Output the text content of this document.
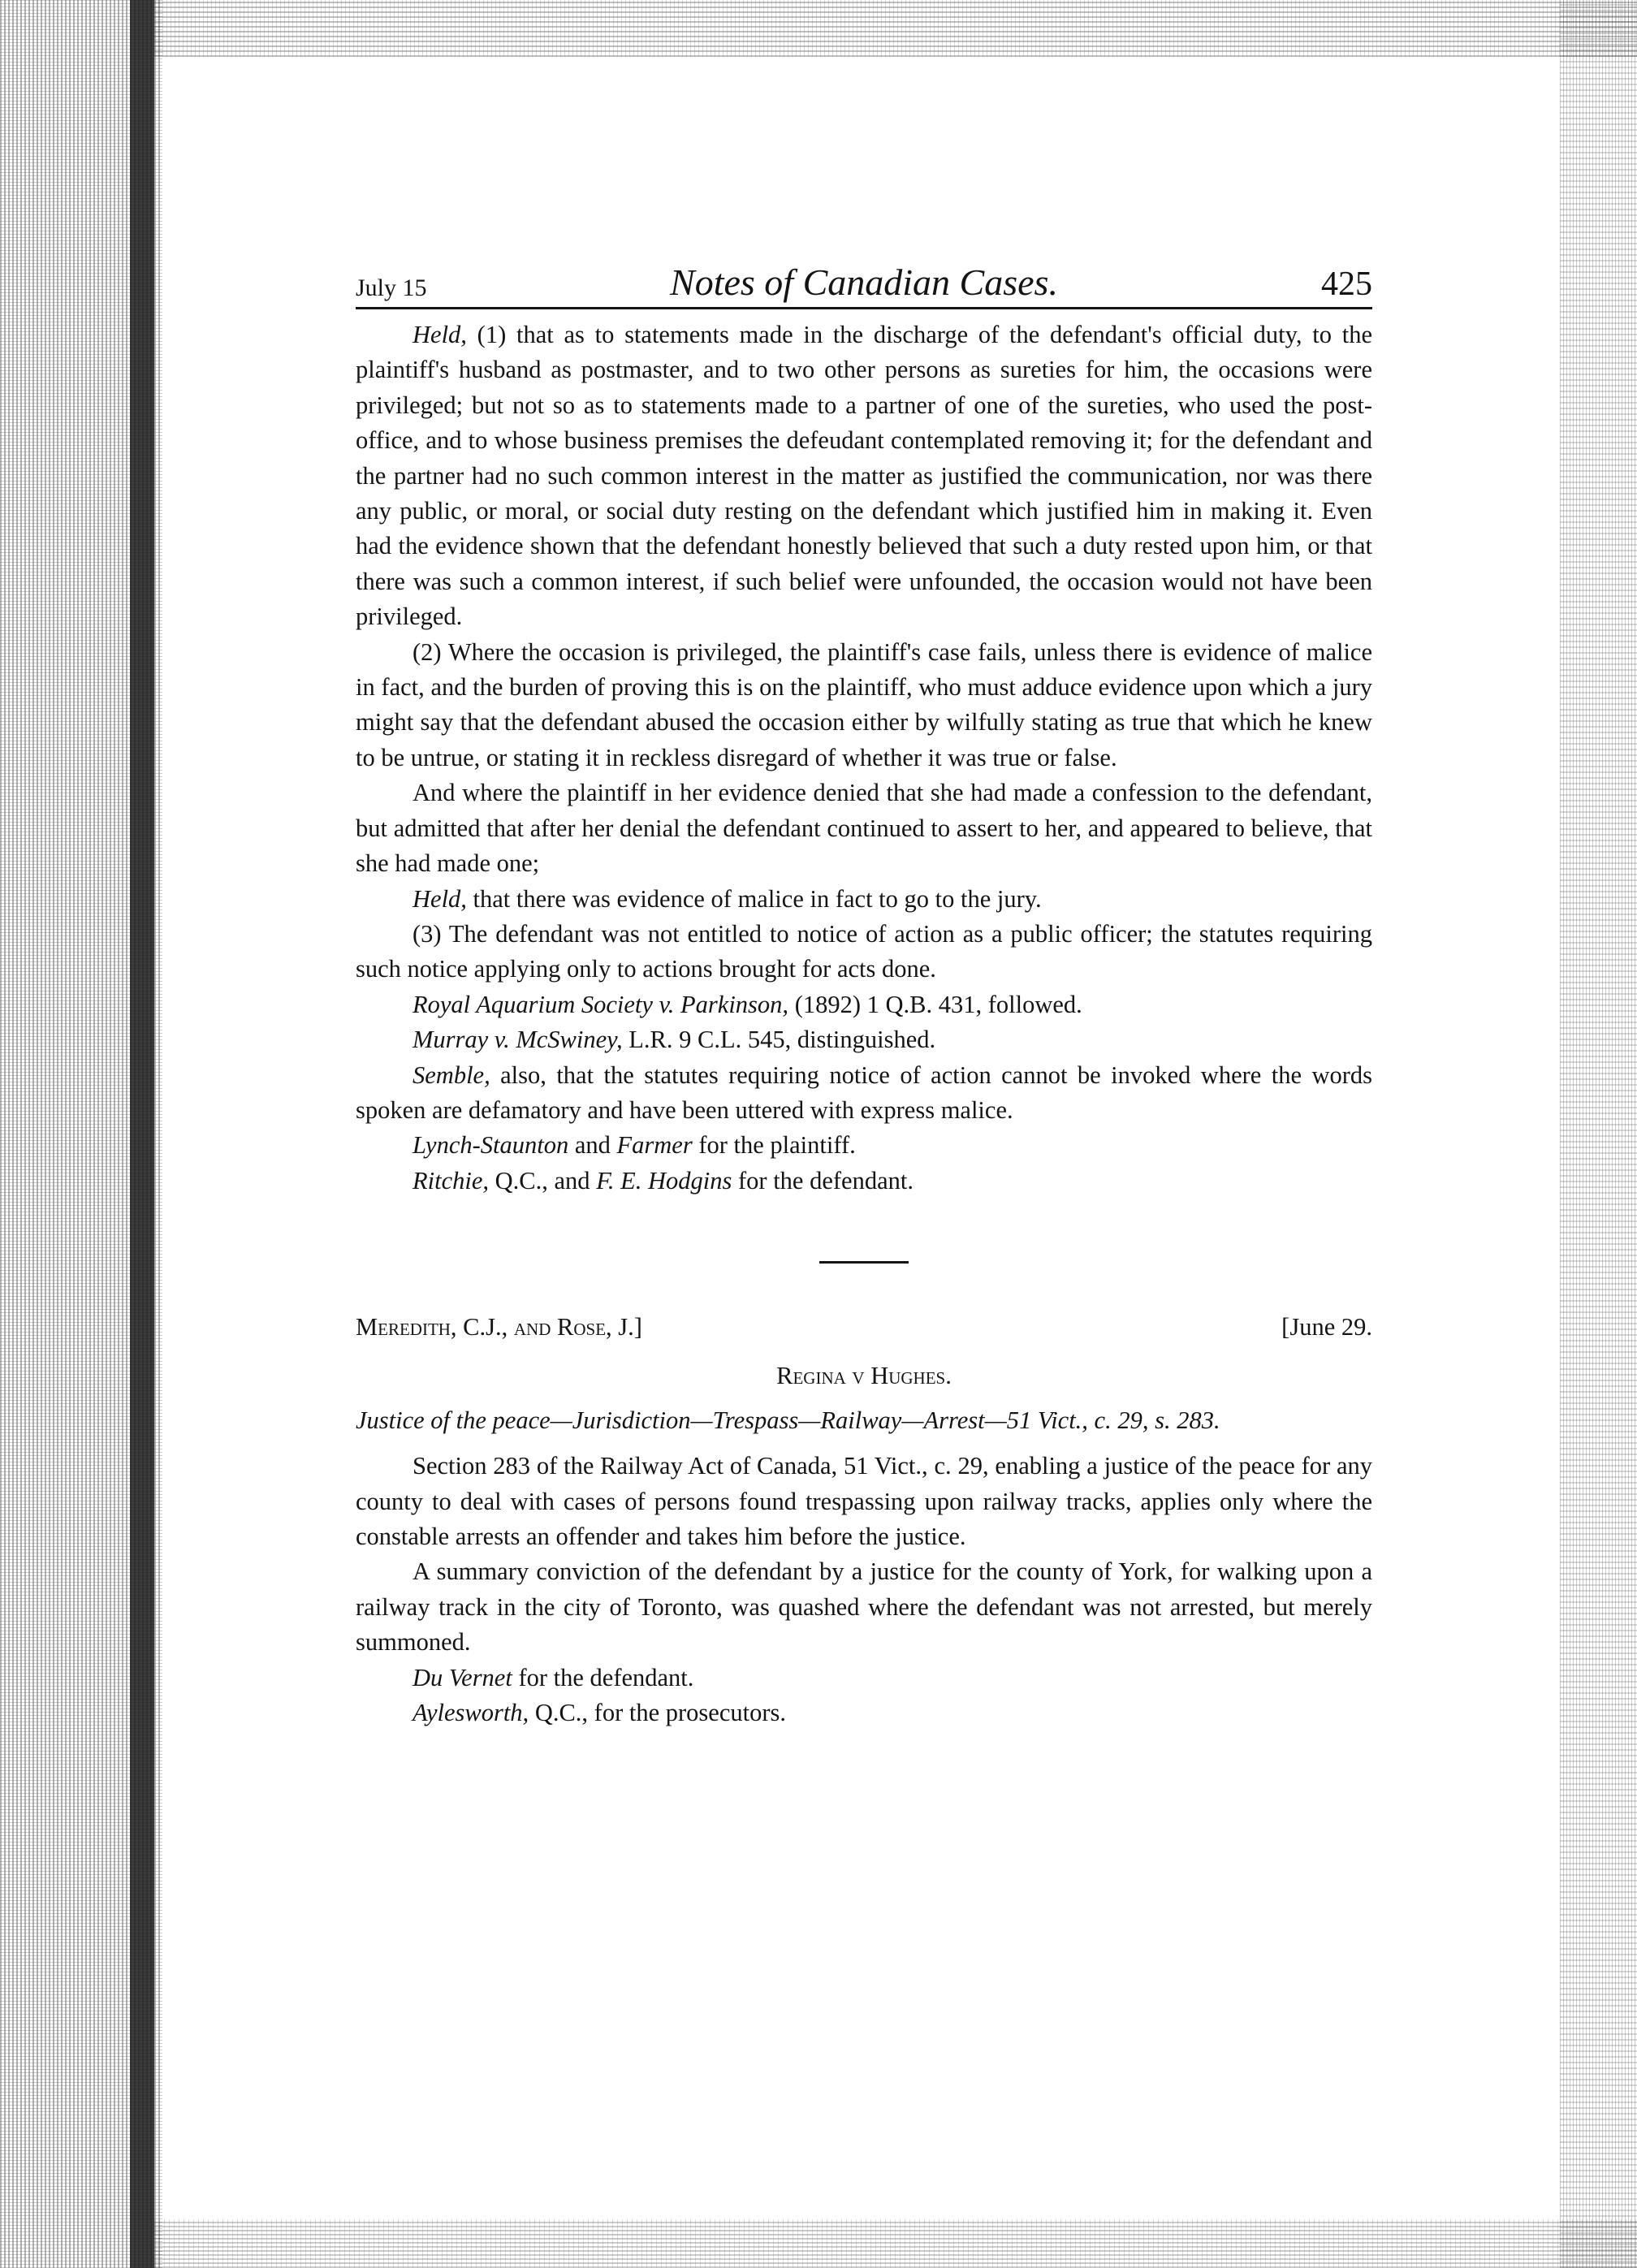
July 15	Notes of Canadian Cases.	425

Held, (1) that as to statements made in the discharge of the defendant's official duty, to the plaintiff's husband as postmaster, and to two other persons as sureties for him, the occasions were privileged; but not so as to statements made to a partner of one of the sureties, who used the post-office, and to whose business premises the defeudant contemplated removing it; for the defendant and the partner had no such common interest in the matter as justified the communication, nor was there any public, or moral, or social duty resting on the defendant which justified him in making it. Even had the evidence shown that the defendant honestly believed that such a duty rested upon him, or that there was such a common interest, if such belief were unfounded, the occasion would not have been privileged.

(2) Where the occasion is privileged, the plaintiff's case fails, unless there is evidence of malice in fact, and the burden of proving this is on the plaintiff, who must adduce evidence upon which a jury might say that the defendant abused the occasion either by wilfully stating as true that which he knew to be untrue, or stating it in reckless disregard of whether it was true or false.

And where the plaintiff in her evidence denied that she had made a confession to the defendant, but admitted that after her denial the defendant continued to assert to her, and appeared to believe, that she had made one;

Held, that there was evidence of malice in fact to go to the jury.

(3) The defendant was not entitled to notice of action as a public officer; the statutes requiring such notice applying only to actions brought for acts done.

Royal Aquarium Society v. Parkinson, (1892) 1 Q.B. 431, followed.

Murray v. McSwiney, L.R. 9 C.L. 545, distinguished.

Semble, also, that the statutes requiring notice of action cannot be invoked where the words spoken are defamatory and have been uttered with express malice.

Lynch-Staunton and Farmer for the plaintiff.

Ritchie, Q.C., and F. E. Hodgins for the defendant.

Meredith, C.J., and Rose, J.]	[June 29.
Regina v Hughes.
Justice of the peace—Jurisdiction—Trespass—Railway—Arrest—51 Vict., c. 29, s. 283.

Section 283 of the Railway Act of Canada, 51 Vict., c. 29, enabling a justice of the peace for any county to deal with cases of persons found trespassing upon railway tracks, applies only where the constable arrests an offender and takes him before the justice.

A summary conviction of the defendant by a justice for the county of York, for walking upon a railway track in the city of Toronto, was quashed where the defendant was not arrested, but merely summoned.

Du Vernet for the defendant.

Aylesworth, Q.C., for the prosecutors.
